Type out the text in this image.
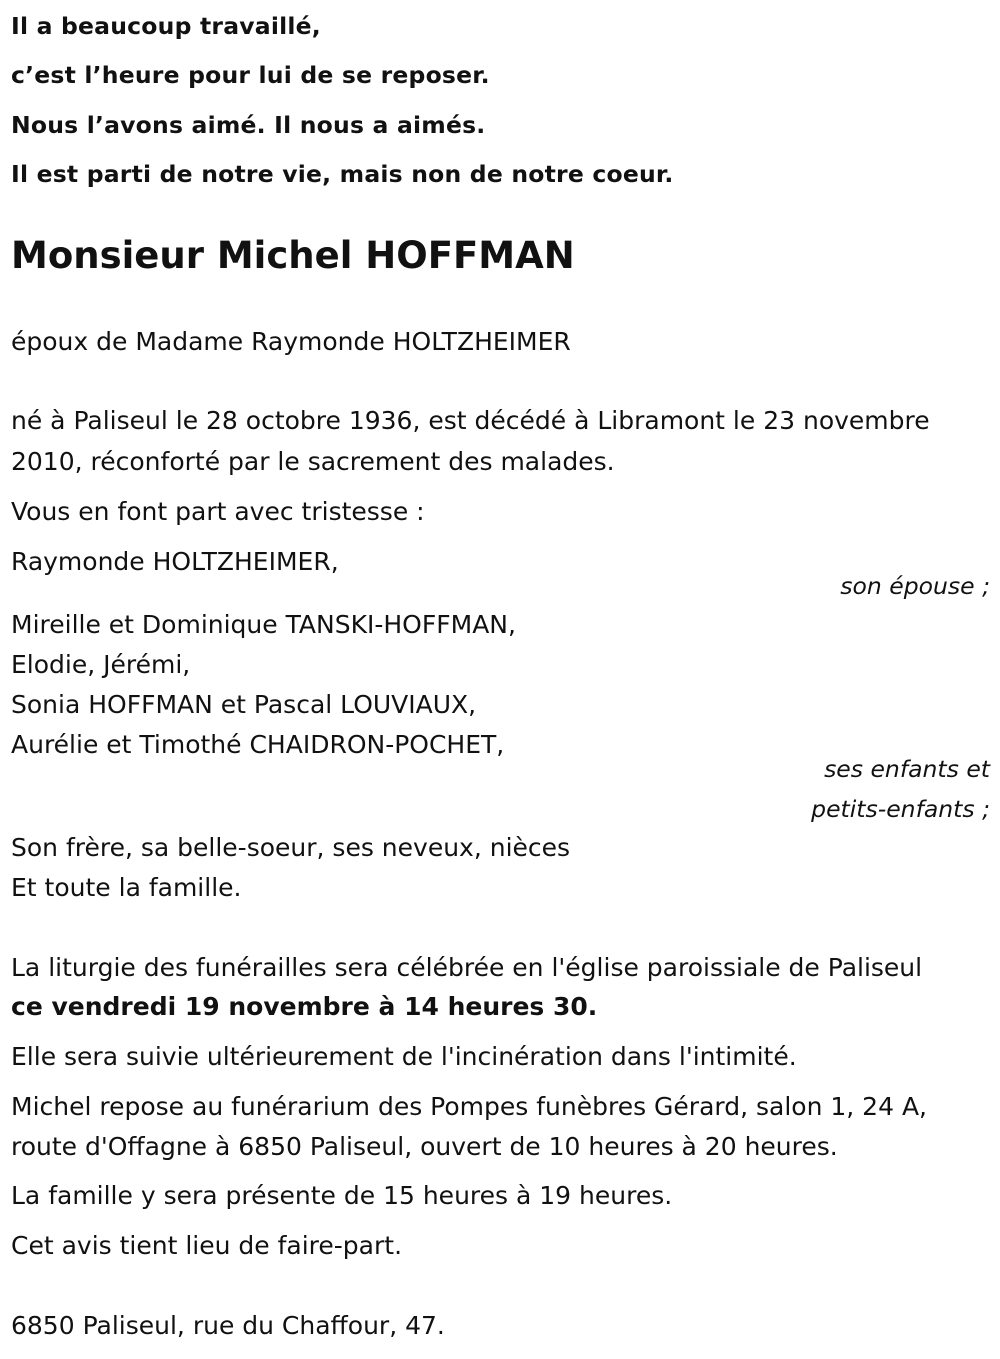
Il a beaucoup travaillé,
c’est l’heure pour lui de se reposer.
Nous l’avons aimé. Il nous a aimés.
Il est parti de notre vie, mais non de notre coeur.
Monsieur Michel HOFFMAN
époux de Madame Raymonde HOLTZHEIMER
né à Paliseul le 28 octobre 1936, est décédé à Libramont le 23 novembre
2010, réconforté par le sacrement des malades.
Vous en font part avec tristesse :
Raymonde HOLTZHEIMER,
son épouse ;
Mireille et Dominique TANSKI-HOFFMAN,
Elodie, Jérémi,
Sonia HOFFMAN et Pascal LOUVIAUX,
Aurélie et Timothé CHAIDRON-POCHET,
ses enfants et
petits-enfants ;
Son frère, sa belle-soeur, ses neveux, nièces
Et toute la famille.
La liturgie des funérailles sera célébrée en l'église paroissiale de Paliseul
ce vendredi 19 novembre à 14 heures 30.
Elle sera suivie ultérieurement de l'incinération dans l'intimité.
Michel repose au funérarium des Pompes funèbres Gérard, salon 1, 24 A,
route d'Offagne à 6850 Paliseul, ouvert de 10 heures à 20 heures.
La famille y sera présente de 15 heures à 19 heures.
Cet avis tient lieu de faire-part.
6850 Paliseul, rue du Chaffour, 47.
